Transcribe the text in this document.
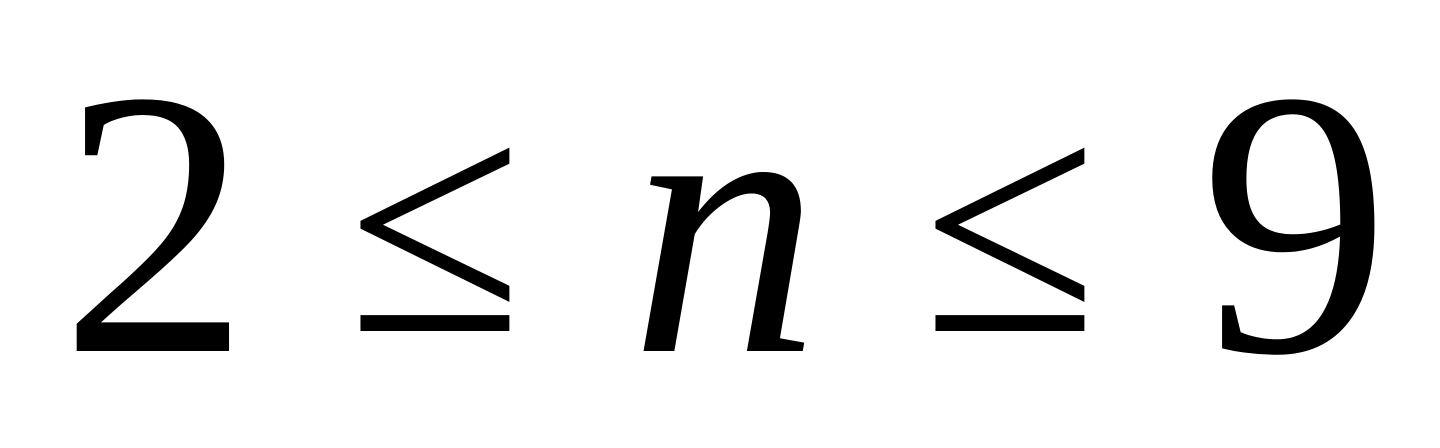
2 ≤ n ≤ 9
